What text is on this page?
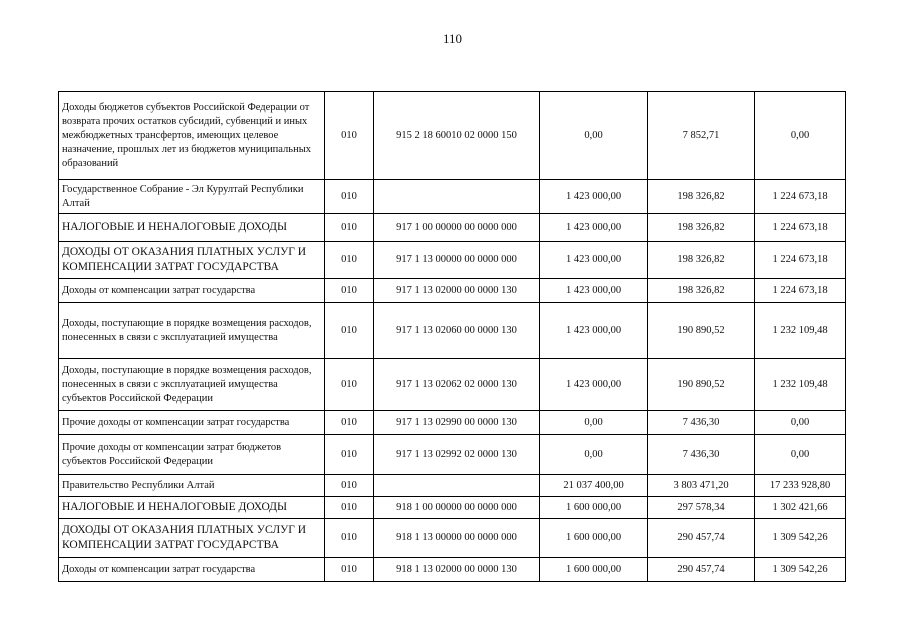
110
Доходы бюджетов субъектов Российской Федерации от возврата прочих остатков субсидий, субвенций и иных межбюджетных трансфертов, имеющих целевое назначение, прошлых лет из бюджетов муниципальных образований	010	915 2 18 60010 02 0000 150	0,00	7 852,71	0,00
Государственное Собрание - Эл Курултай Республики Алтай	010		1 423 000,00	198 326,82	1 224 673,18
НАЛОГОВЫЕ И НЕНАЛОГОВЫЕ ДОХОДЫ	010	917 1 00 00000 00 0000 000	1 423 000,00	198 326,82	1 224 673,18
ДОХОДЫ ОТ ОКАЗАНИЯ ПЛАТНЫХ УСЛУГ И КОМПЕНСАЦИИ ЗАТРАТ ГОСУДАРСТВА	010	917 1 13 00000 00 0000 000	1 423 000,00	198 326,82	1 224 673,18
Доходы от компенсации затрат государства	010	917 1 13 02000 00 0000 130	1 423 000,00	198 326,82	1 224 673,18
Доходы, поступающие в порядке возмещения расходов, понесенных в связи с эксплуатацией имущества	010	917 1 13 02060 00 0000 130	1 423 000,00	190 890,52	1 232 109,48
Доходы, поступающие в порядке возмещения расходов, понесенных в связи с эксплуатацией имущества субъектов Российской Федерации	010	917 1 13 02062 02 0000 130	1 423 000,00	190 890,52	1 232 109,48
Прочие доходы от компенсации затрат государства	010	917 1 13 02990 00 0000 130	0,00	7 436,30	0,00
Прочие доходы от компенсации затрат бюджетов субъектов Российской Федерации	010	917 1 13 02992 02 0000 130	0,00	7 436,30	0,00
Правительство Республики Алтай	010		21 037 400,00	3 803 471,20	17 233 928,80
НАЛОГОВЫЕ И НЕНАЛОГОВЫЕ ДОХОДЫ	010	918 1 00 00000 00 0000 000	1 600 000,00	297 578,34	1 302 421,66
ДОХОДЫ ОТ ОКАЗАНИЯ ПЛАТНЫХ УСЛУГ И КОМПЕНСАЦИИ ЗАТРАТ ГОСУДАРСТВА	010	918 1 13 00000 00 0000 000	1 600 000,00	290 457,74	1 309 542,26
Доходы от компенсации затрат государства	010	918 1 13 02000 00 0000 130	1 600 000,00	290 457,74	1 309 542,26
